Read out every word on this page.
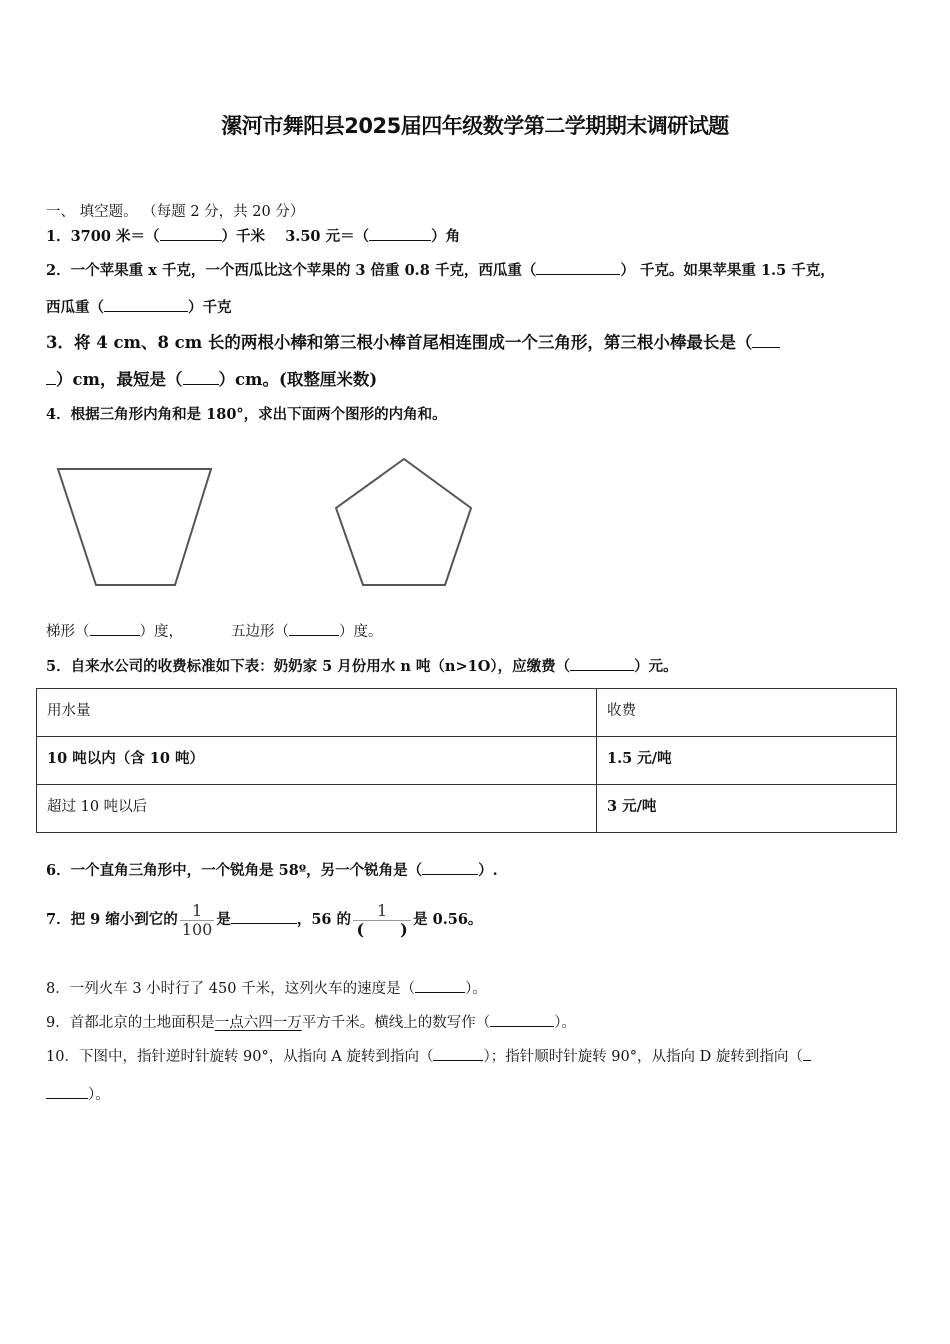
漯河市舞阳县2025届四年级数学第二学期期末调研试题
一、 填空题。 （每题 2 分，共 20 分）
1．3700 米＝（	）千米 3.50 元＝（	）角
2．一个苹果重 x 千克，一个西瓜比这个苹果的 3 倍重 0.8 千克，西瓜重（	） 千克。如果苹果重 1.5 千克，
西瓜重（	）千克
3．将 4 cm、8 cm 长的两根小棒和第三根小棒首尾相连围成一个三角形，第三根小棒最长是（
）cm，最短是（ ）cm。(取整厘米数)
4．根据三角形内角和是 180°，求出下面两个图形的内角和。
梯形（	）度，	五边形（	）度。
5．自来水公司的收费标准如下表：奶奶家 5 月份用水 n 吨（n>1O），应缴费（	）元。
用水量	收费
10 吨以内（含 10 吨）	1.5 元/吨
超过 10 吨以后	3 元/吨
6．一个直角三角形中，一个锐角是 58º，另一个锐角是（	）.
7．把 9 缩小到它的 $\frac{1}{100}$ 是	，56 的 $\frac{1}{( )}$ 是 0.56。
8．一列火车 3 小时行了 450 千米，这列火车的速度是（	）。
9．首都北京的土地面积是一点六四一万平方千米。横线上的数写作（	）。
10．下图中，指针逆时针旋转 90°，从指向 A 旋转到指向（	）；指针顺时针旋转 90°，从指向 D 旋转到指向（
）。
